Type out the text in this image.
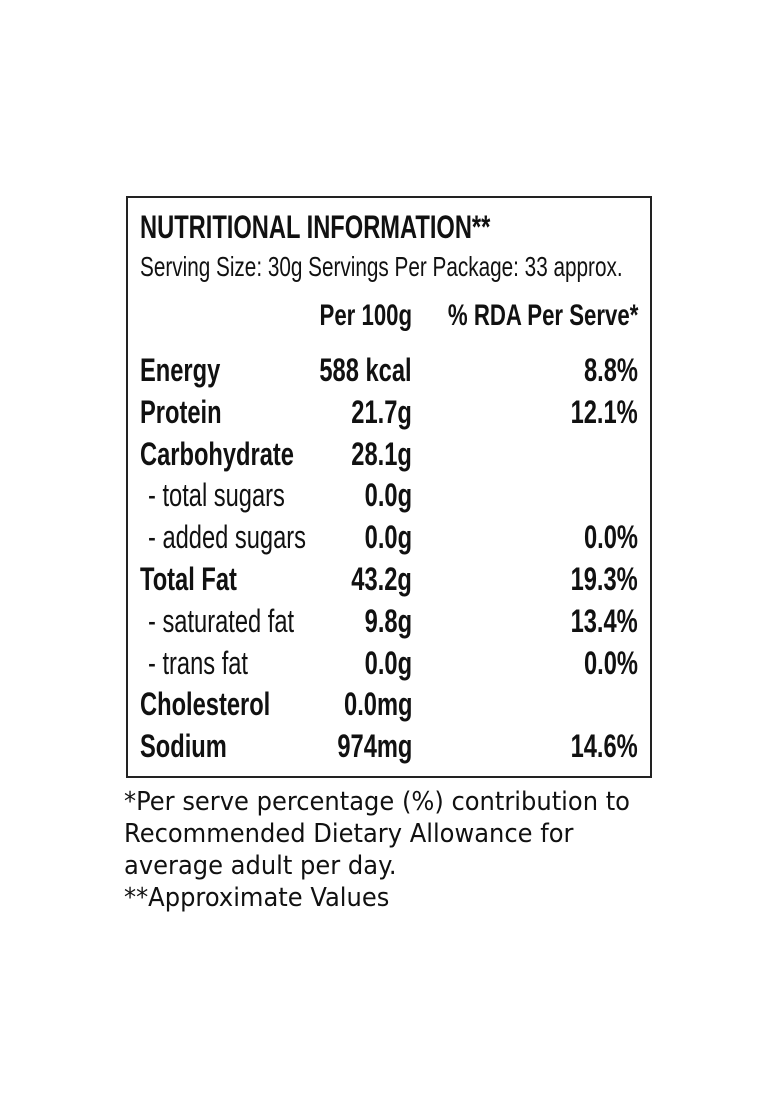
NUTRITIONAL INFORMATION**
Serving Size: 30g Servings Per Package: 33 approx.
Per 100g	% RDA Per Serve*
Energy	588 kcal	8.8%
Protein	21.7g	12.1%
Carbohydrate	28.1g
- total sugars	0.0g
- added sugars	0.0g	0.0%
Total Fat	43.2g	19.3%
- saturated fat	9.8g	13.4%
- trans fat	0.0g	0.0%
Cholesterol	0.0mg
Sodium	974mg	14.6%
*Per serve percentage (%) contribution to
Recommended Dietary Allowance for
average adult per day.
**Approximate Values
